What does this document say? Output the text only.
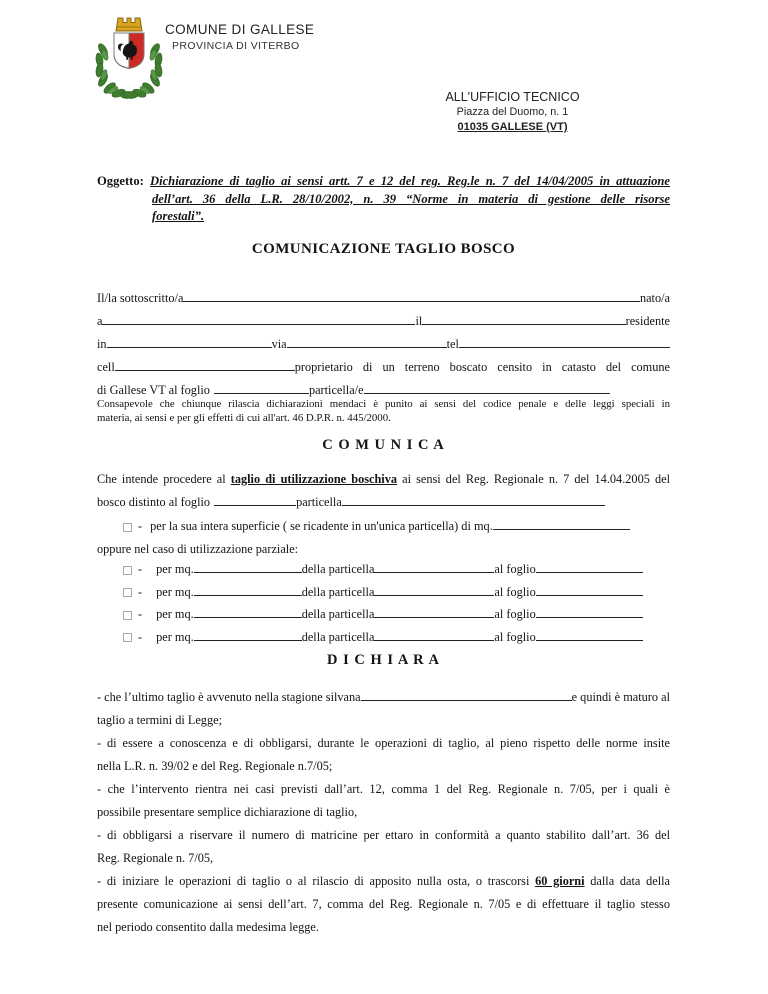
COMUNE DI GALLESE
PROVINCIA DI VITERBO
ALL'UFFICIO TECNICO
Piazza del Duomo, n. 1
01035 GALLESE (VT)
Oggetto: Dichiarazione di taglio ai sensi artt. 7 e 12 del reg. Reg.le n. 7 del 14/04/2005 in attuazione
dell’art. 36 della L.R. 28/10/2002, n. 39 “Norme in materia di gestione delle risorse
forestali”.
COMUNICAZIONE TAGLIO BOSCO
Il/la sottoscritto/a	nato/a
a	il	residente
in	via	tel
cell	proprietario di un terreno boscato censito in catasto del comune
di Gallese VT al foglio	particella/e
Consapevole che chiunque rilascia dichiarazioni mendaci è punito ai sensi del codice penale e delle leggi speciali in
materia, ai sensi e per gli effetti di cui all'art. 46 D.P.R. n. 445/2000.
C O M U N I C A
Che intende procedere al taglio di utilizzazione boschiva ai sensi del Reg. Regionale n. 7 del 14.04.2005 del
bosco distinto al foglio	particella
- per la sua intera superficie ( se ricadente in un'unica particella) di mq.
oppure nel caso di utilizzazione parziale:
- per mq.	della particella	al foglio
- per mq.	della particella	al foglio
- per mq.	della particella	al foglio
- per mq.	della particella	al foglio
D I C H I A R A
- che l’ultimo taglio è avvenuto nella stagione silvana	e quindi è maturo al
taglio a termini di Legge;
- di essere a conoscenza e di obbligarsi, durante le operazioni di taglio, al pieno rispetto delle norme insite
nella L.R. n. 39/02 e del Reg. Regionale n.7/05;
- che l’intervento rientra nei casi previsti dall’art. 12, comma 1 del Reg. Regionale n. 7/05, per i quali è
possibile presentare semplice dichiarazione di taglio,
- di obbligarsi a riservare il numero di matricine per ettaro in conformità a quanto stabilito dall’art. 36 del
Reg. Regionale n. 7/05,
- di iniziare le operazioni di taglio o al rilascio di apposito nulla osta, o trascorsi 60 giorni dalla data della
presente comunicazione ai sensi dell’art. 7, comma del Reg. Regionale n. 7/05 e di effettuare il taglio stesso
nel periodo consentito dalla medesima legge.
